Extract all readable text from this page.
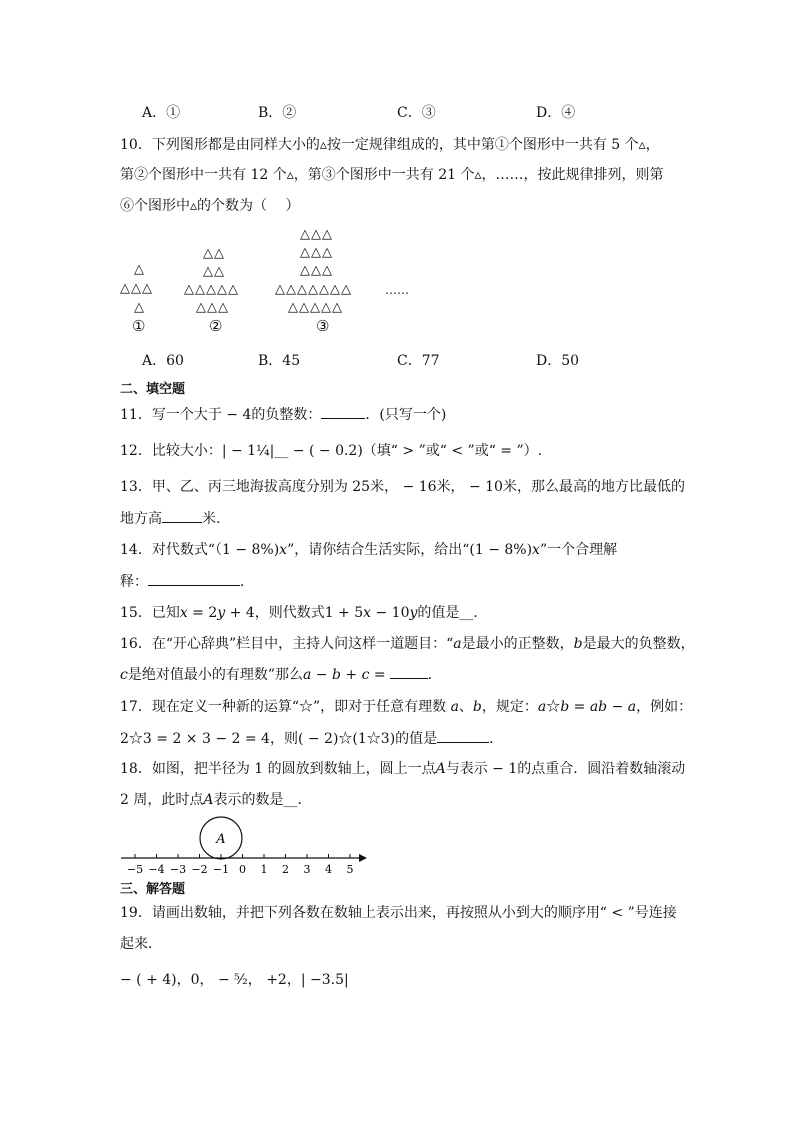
A．①	B．②	C．③	D．④
10．下列图形都是由同样大小的▵按一定规律组成的，其中第①个图形中一共有 5 个▵，
第②个图形中一共有 12 个▵，第③个图形中一共有 21 个▵，……，按此规律排列，则第
⑥个图形中▵的个数为（　 ）
△
△△△
△
①
△△
△△
△△△△△
△△△
②
△△△
△△△
△△△
△△△△△△△
△△△△△
③
……
A．60	B．45	C．77	D．50
二、填空题
11．写一个大于 − 4的负整数：	．(只写一个)
12．比较大小：| − 1¼|__ − ( − 0.2)（填“ > ”或“ < ”或“ = ”）.
13．甲、乙、丙三地海拔高度分别为 25米， − 16米， − 10米，那么最高的地方比最低的
地方高	米.
14．对代数式“（1 − 8%)𝑥”，请你结合生活实际，给出“(1 − 8%)𝑥”一个合理解
释：	．
15．已知𝑥 = 2𝑦 + 4，则代数式1 + 5𝑥 − 10𝑦的值是__．
16．在“开心辞典”栏目中，主持人问这样一道题目：“𝑎是最小的正整数，𝑏是最大的负整数，
𝑐是绝对值最小的有理数”那么𝑎 − 𝑏 + 𝑐 =	．
17．现在定义一种新的运算“☆”，即对于任意有理数 𝑎、𝑏，规定：𝑎☆𝑏 = 𝑎𝑏 − 𝑎，例如：
2☆3 = 2 × 3 − 2 = 4，则( − 2)☆(1☆3)的值是	．
18．如图，把半径为 1 的圆放到数轴上，圆上一点𝐴与表示 − 1的点重合．圆沿着数轴滚动
2 周，此时点𝐴表示的数是__．
𝐴
−5 −4 −3 −2 −1 0 1 2 3 4 5
三、解答题
19．请画出数轴，并把下列各数在数轴上表示出来，再按照从小到大的顺序用“ < ”号连接
起来．
− ( + 4)，0， − ⁵⁄₂， +2，| −3.5|
